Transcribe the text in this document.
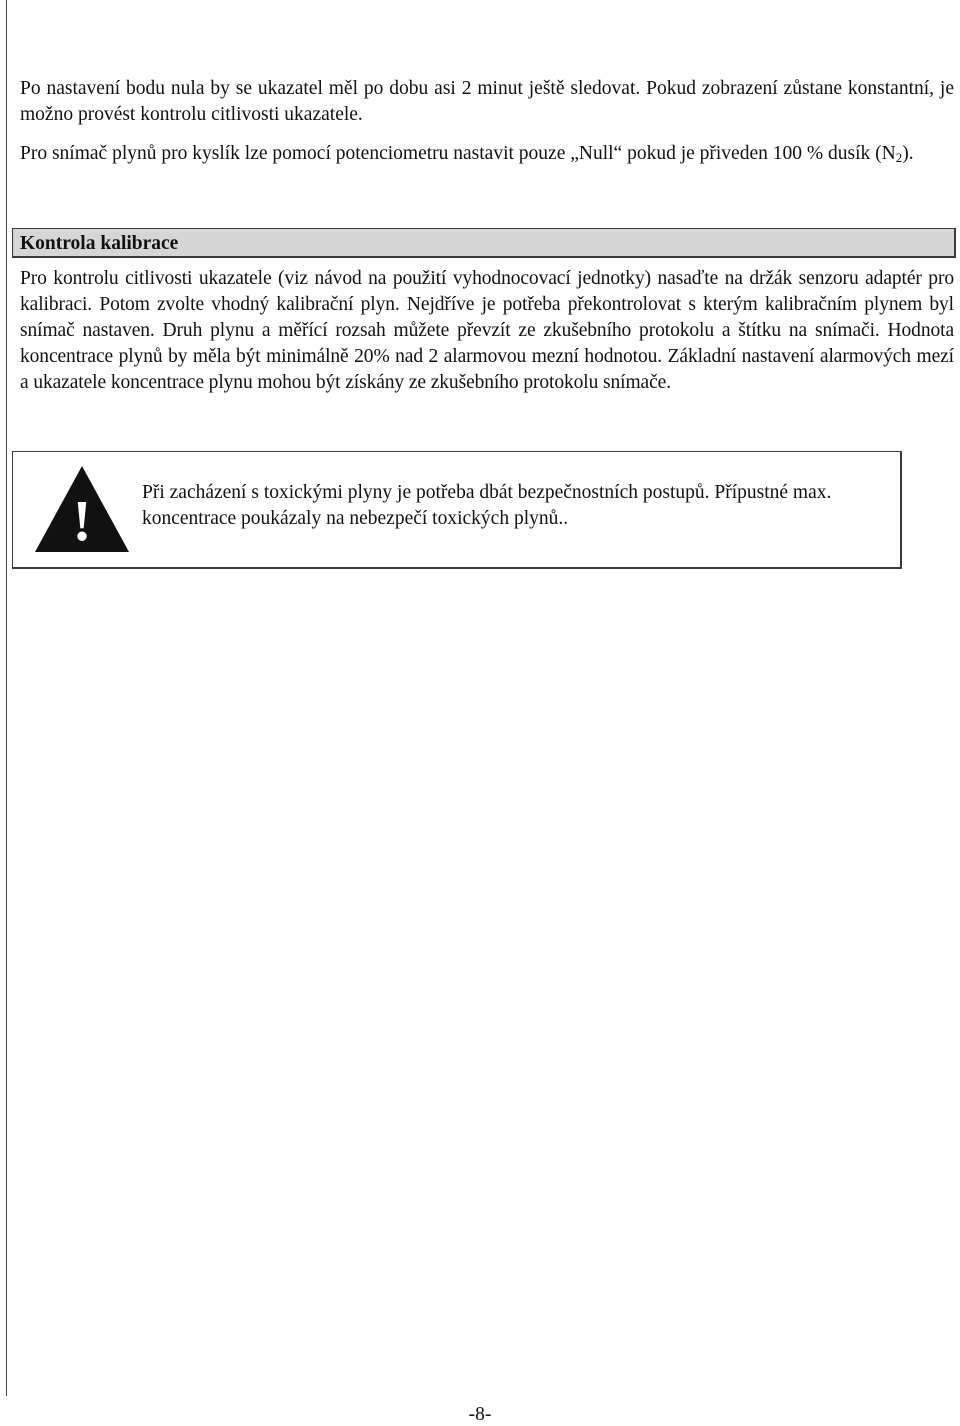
Po nastavení bodu nula by se ukazatel měl po dobu asi 2 minut ještě sledovat. Pokud zobrazení zůstane konstantní, je možno provést kontrolu citlivosti ukazatele.

Pro snímač plynů pro kyslík lze pomocí potenciometru nastavit pouze „Null“ pokud je přiveden 100 % dusík $(N_2)$.

Kontrola kalibrace

Pro kontrolu citlivosti ukazatele (viz návod na použití vyhodnocovací jednotky) nasaďte na držák senzoru adaptér pro kalibraci. Potom zvolte vhodný kalibrační plyn. Nejdříve je potřeba překontrolovat s kterým kalibračním plynem byl snímač nastaven. Druh plynu a měřící rozsah můžete převzít ze zkušebního protokolu a štítku na snímači. Hodnota koncentrace plynů by měla být minimálně 20% nad 2 alarmovou mezní hodnotou. Základní nastavení alarmových mezí a ukazatele koncentrace plynu mohou být získány ze zkušebního protokolu snímače.

!	Při zacházení s toxickými plyny je potřeba dbát bezpečnostních postupů. Přípustné max. koncentrace poukázaly na nebezpečí toxických plynů..

-8-
